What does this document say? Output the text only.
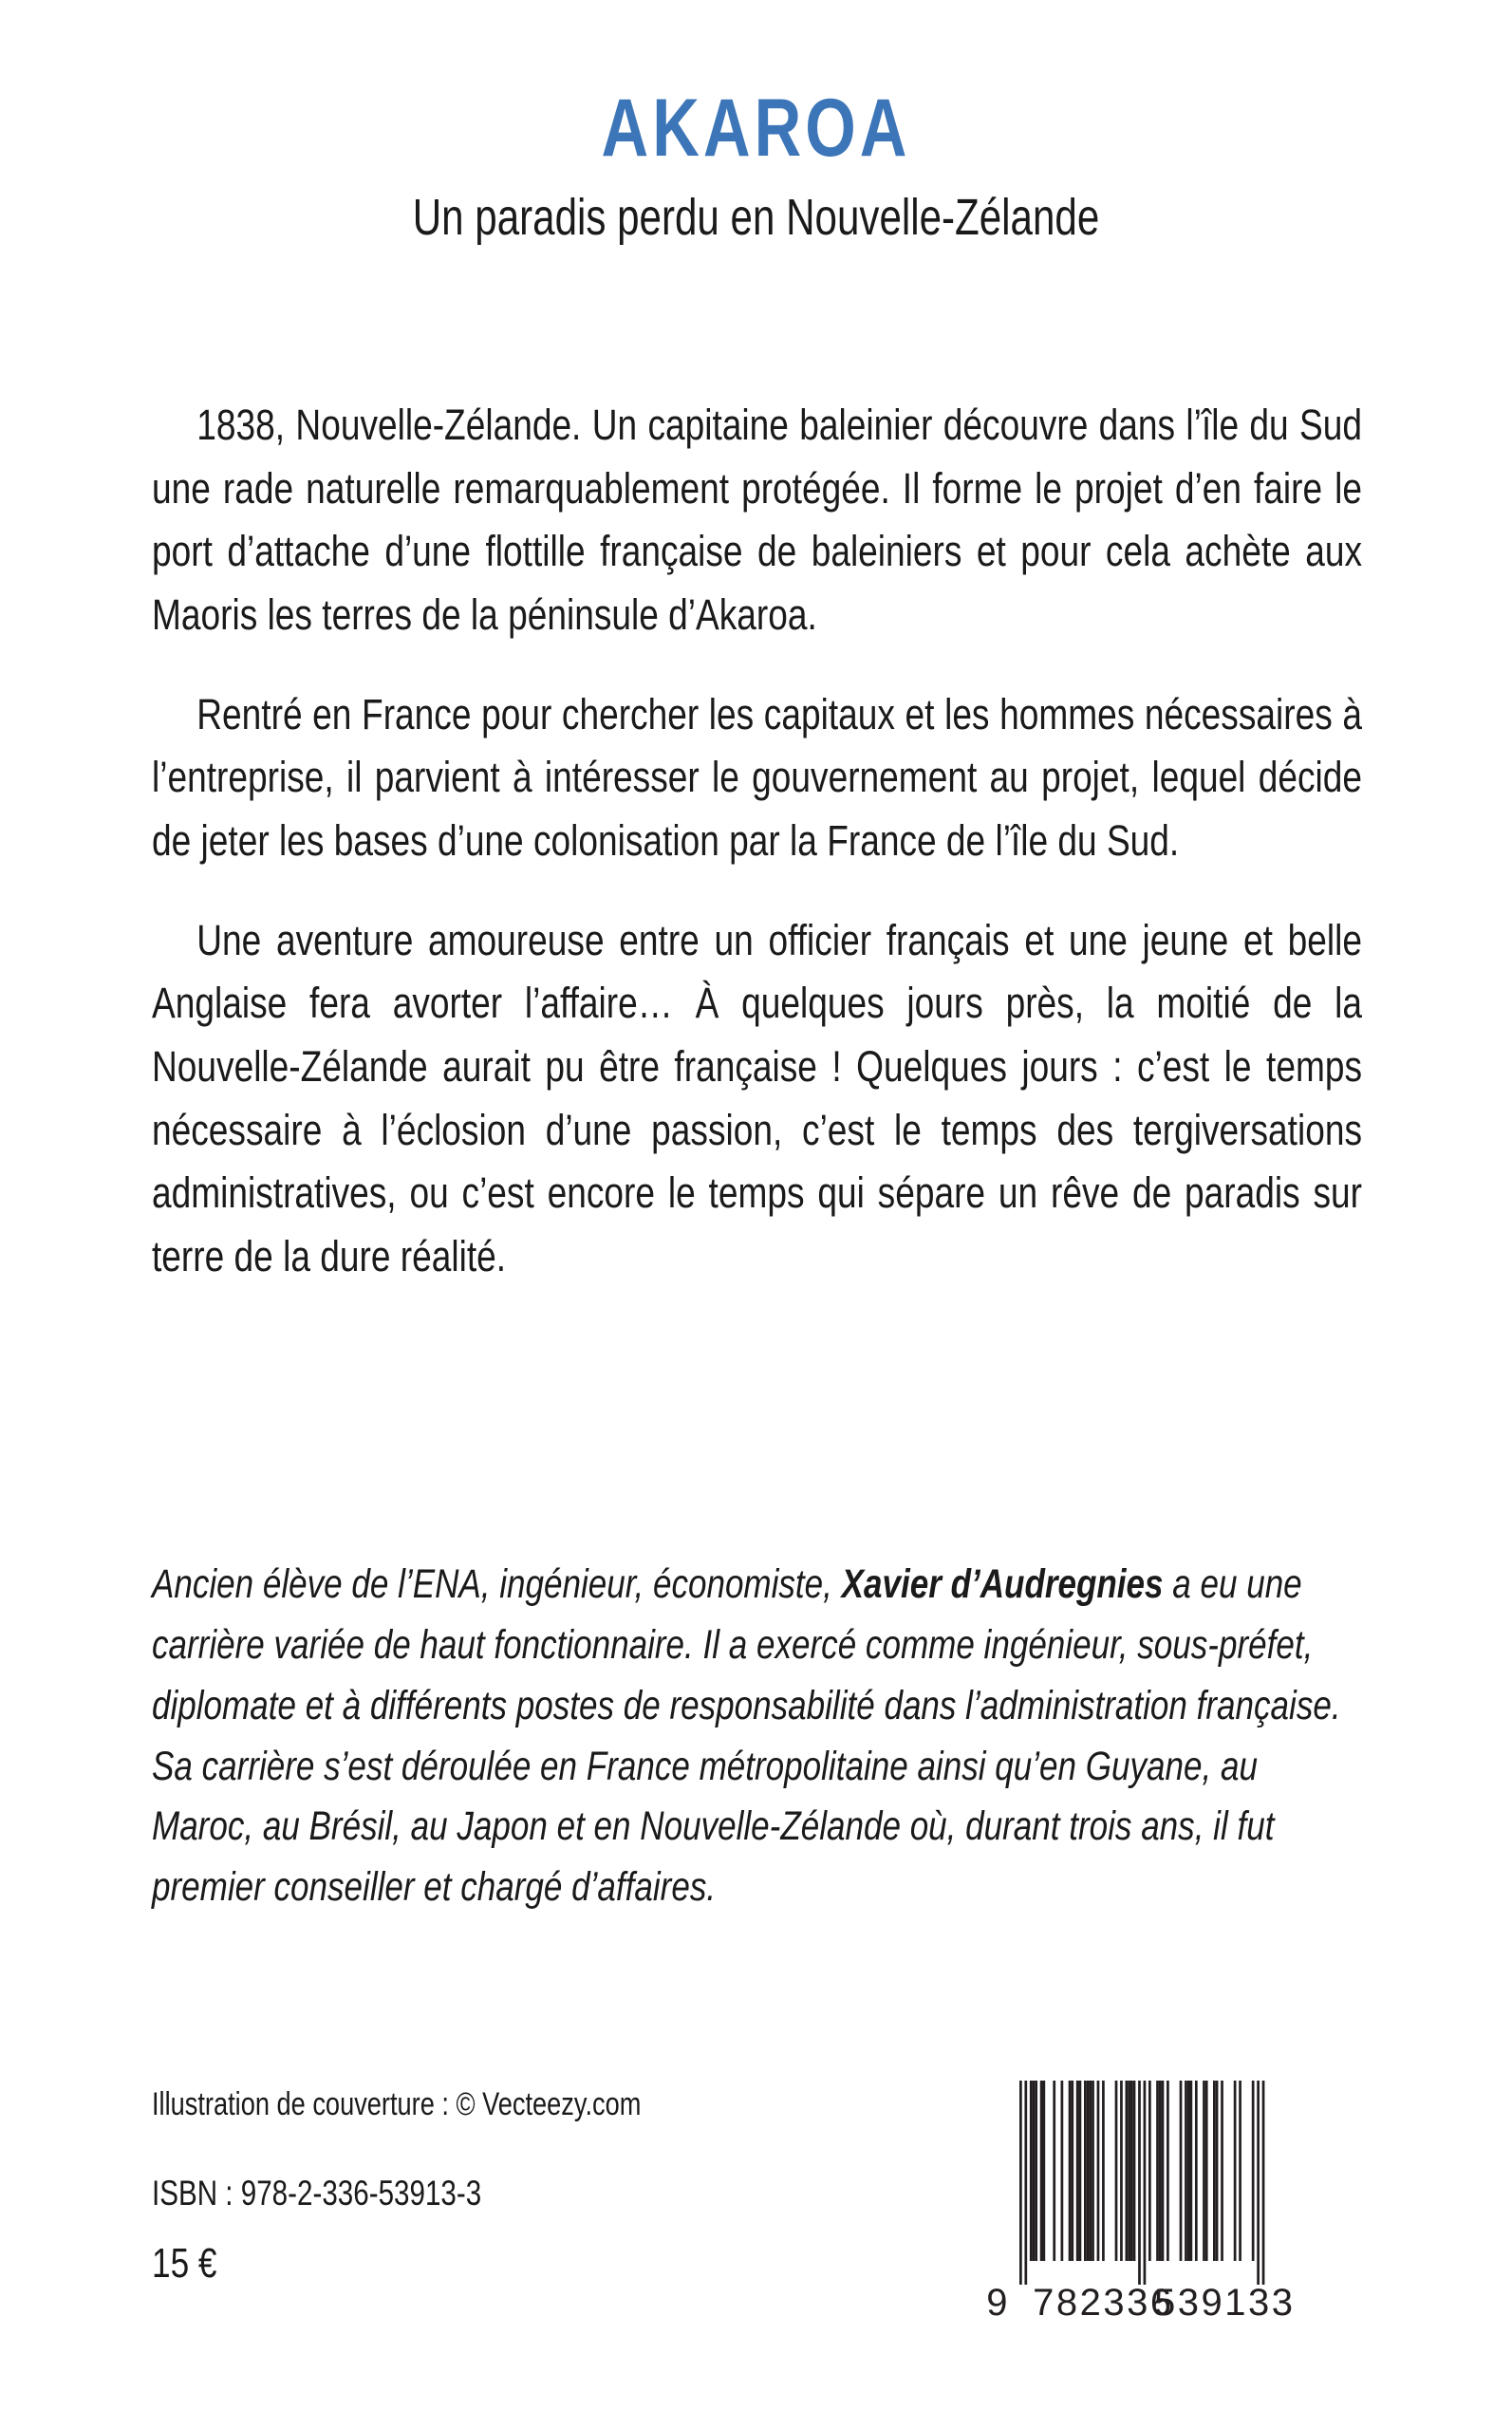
AKAROA
Un paradis perdu en Nouvelle-Zélande

1838, Nouvelle-Zélande. Un capitaine baleinier découvre dans l’île du Sud une rade naturelle remarquablement protégée. Il forme le projet d’en faire le port d’attache d’une flottille française de baleiniers et pour cela achète aux Maoris les terres de la péninsule d’Akaroa.

Rentré en France pour chercher les capitaux et les hommes nécessaires à l’entreprise, il parvient à intéresser le gouvernement au projet, lequel décide de jeter les bases d’une colonisation par la France de l’île du Sud.

Une aventure amoureuse entre un officier français et une jeune et belle Anglaise fera avorter l’affaire… À quelques jours près, la moitié de la Nouvelle-Zélande aurait pu être française ! Quelques jours : c’est le temps nécessaire à l’éclosion d’une passion, c’est le temps des tergiversations administratives, ou c’est encore le temps qui sépare un rêve de paradis sur terre de la dure réalité.

Ancien élève de l’ENA, ingénieur, économiste, Xavier d’Audregnies a eu une carrière variée de haut fonctionnaire. Il a exercé comme ingénieur, sous-préfet, diplomate et à différents postes de responsabilité dans l’administration française. Sa carrière s’est déroulée en France métropolitaine ainsi qu’en Guyane, au Maroc, au Brésil, au Japon et en Nouvelle-Zélande où, durant trois ans, il fut premier conseiller et chargé d’affaires.

Illustration de couverture : © Vecteezy.com

ISBN : 978-2-336-53913-3

15 €

9 782336
539133
